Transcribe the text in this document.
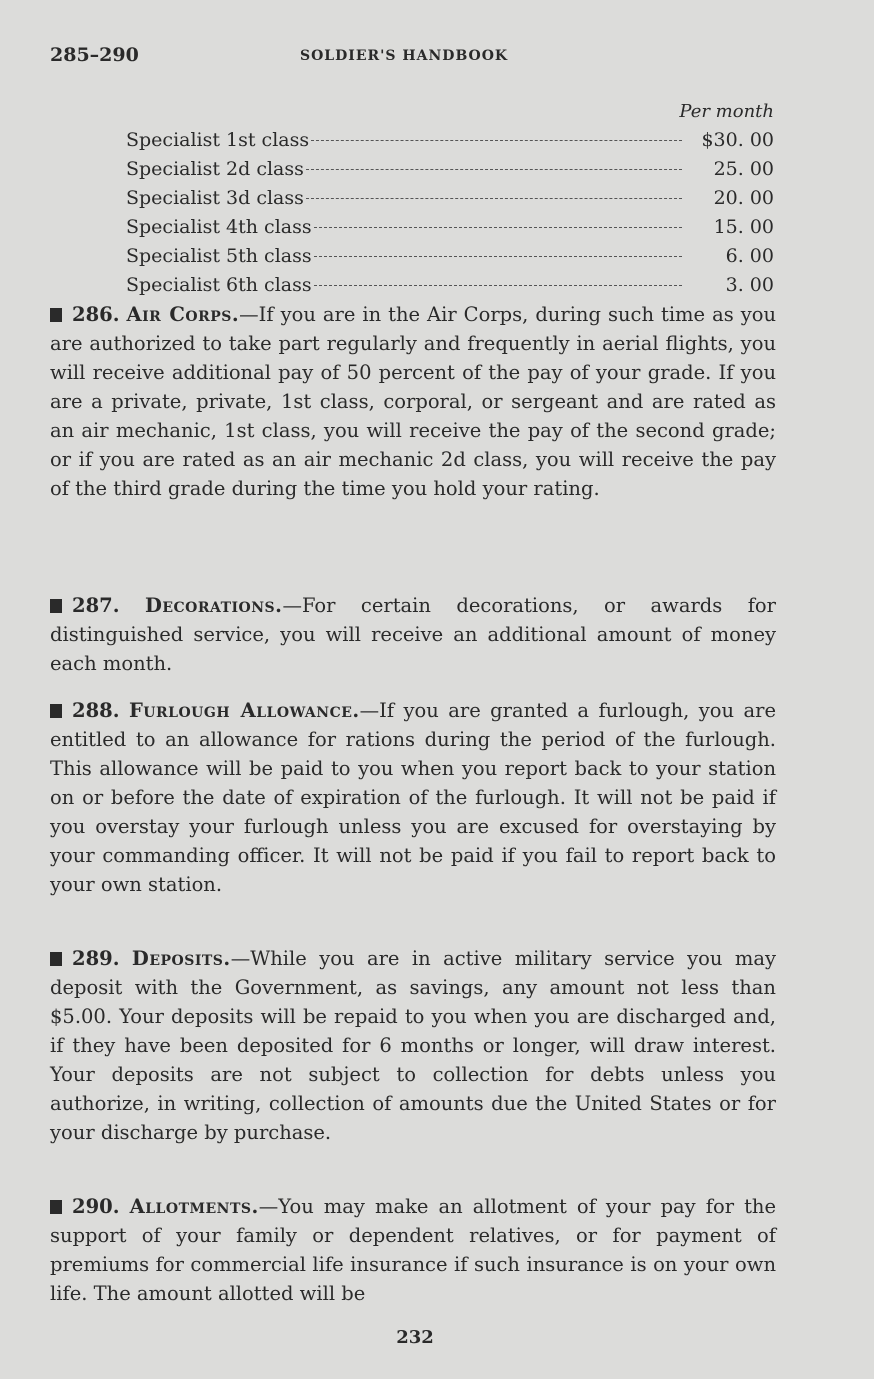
285–290	SOLDIER'S HANDBOOK
Per month
Specialist 1st class	$30. 00
Specialist 2d class	25. 00
Specialist 3d class	20. 00
Specialist 4th class	15. 00
Specialist 5th class	6. 00
Specialist 6th class	3. 00

286. Air Corps.—If you are in the Air Corps, during such time as you are authorized to take part regularly and frequently in aerial flights, you will receive additional pay of 50 percent of the pay of your grade. If you are a private, private, 1st class, corporal, or sergeant and are rated as an air mechanic, 1st class, you will receive the pay of the second grade; or if you are rated as an air mechanic 2d class, you will receive the pay of the third grade during the time you hold your rating.

287. Decorations.—For certain decorations, or awards for distinguished service, you will receive an additional amount of money each month.

288. Furlough Allowance.—If you are granted a furlough, you are entitled to an allowance for rations during the period of the furlough. This allowance will be paid to you when you report back to your station on or before the date of expiration of the furlough. It will not be paid if you overstay your furlough unless you are excused for overstaying by your commanding officer. It will not be paid if you fail to report back to your own station.

289. Deposits.—While you are in active military service you may deposit with the Government, as savings, any amount not less than $5.00. Your deposits will be repaid to you when you are discharged and, if they have been deposited for 6 months or longer, will draw interest. Your deposits are not subject to collection for debts unless you authorize, in writing, collection of amounts due the United States or for your discharge by purchase.

290. Allotments.—You may make an allotment of your pay for the support of your family or dependent relatives, or for payment of premiums for commercial life insurance if such insurance is on your own life. The amount allotted will be

232
